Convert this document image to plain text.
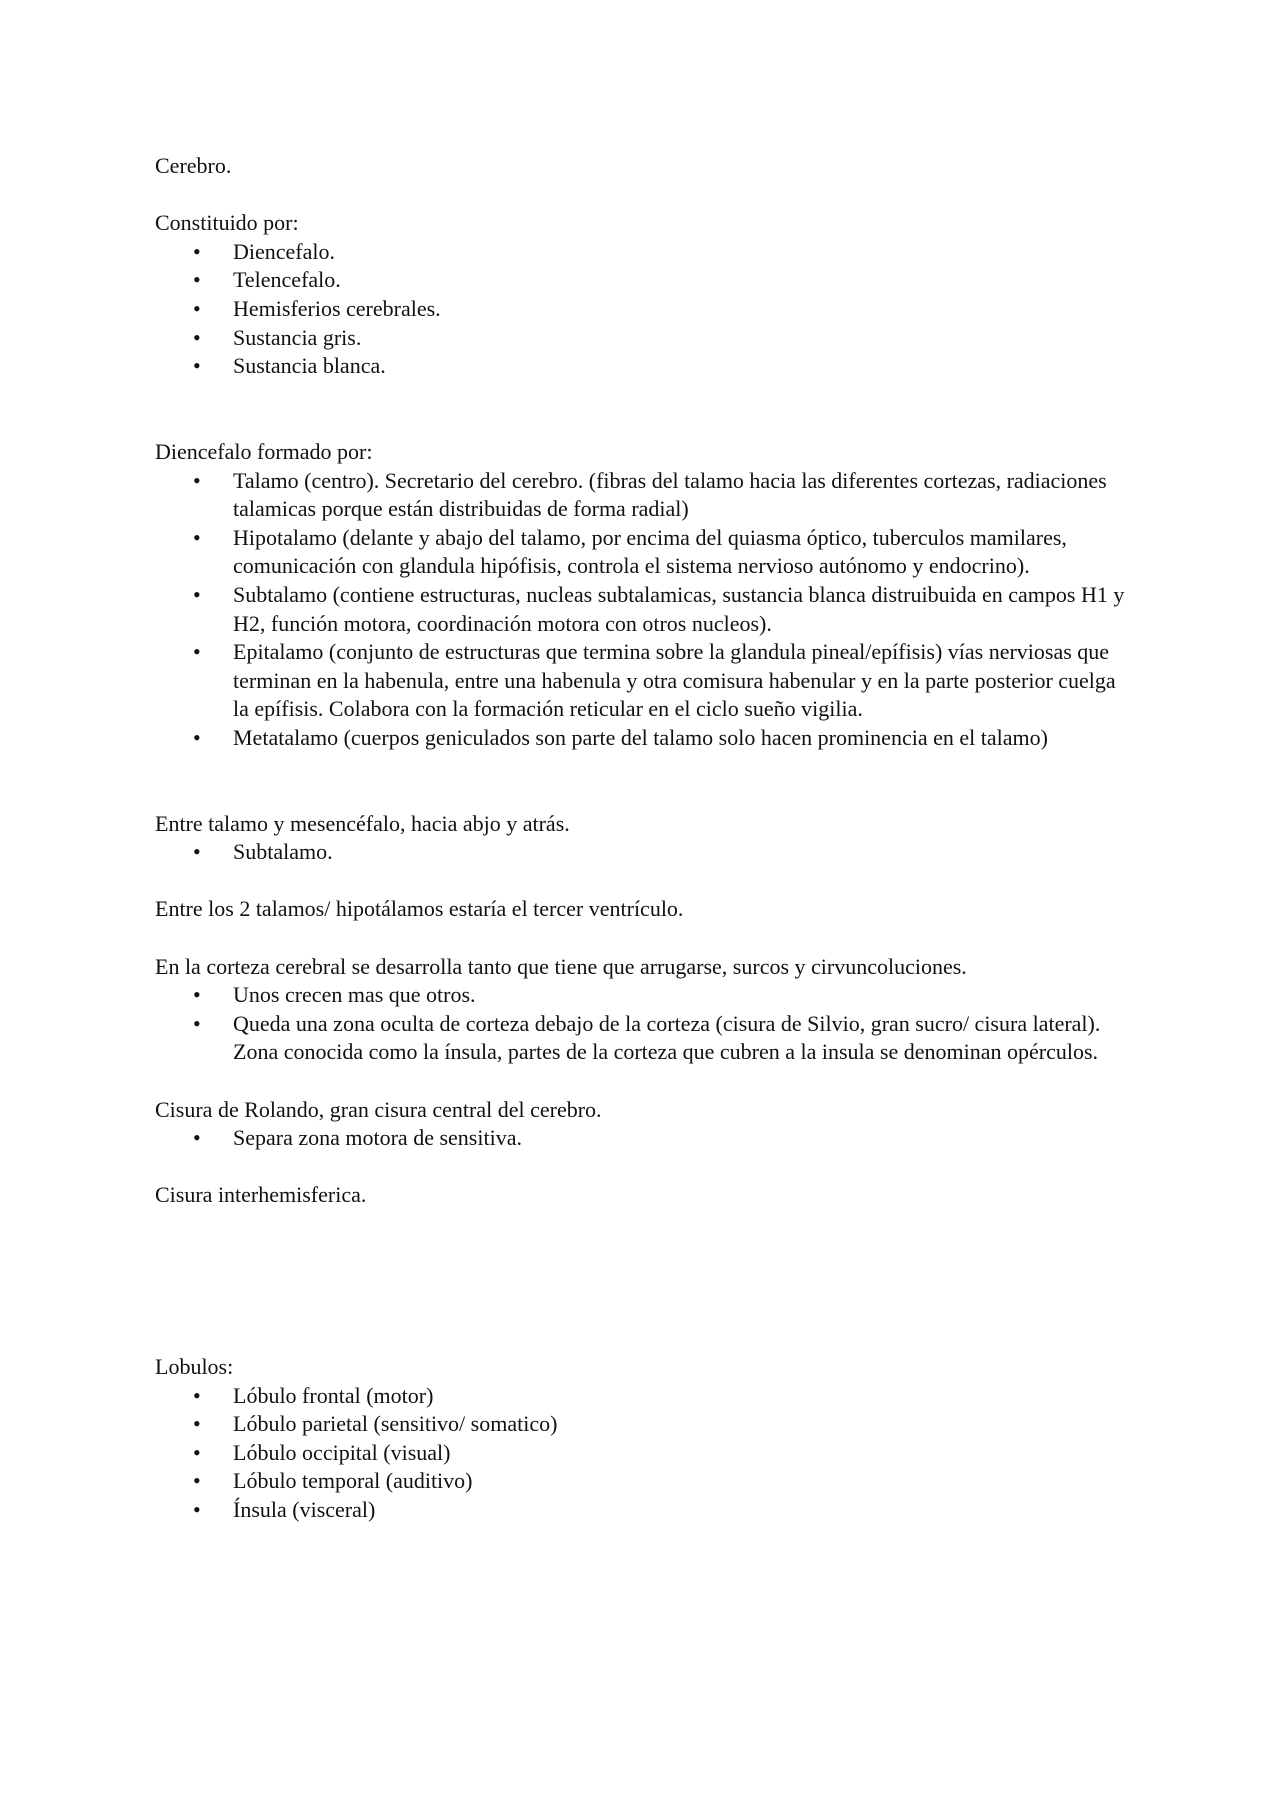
Cerebro.

Constituido por:

• Diencefalo.
• Telencefalo.
• Hemisferios cerebrales.
• Sustancia gris.
• Sustancia blanca.

Diencefalo formado por:

• Talamo (centro). Secretario del cerebro. (fibras del talamo hacia las diferentes cortezas, radiaciones talamicas porque están distribuidas de forma radial)
• Hipotalamo (delante y abajo del talamo, por encima del quiasma óptico, tuberculos mamilares, comunicación con glandula hipófisis, controla el sistema nervioso autónomo y endocrino).
• Subtalamo (contiene estructuras, nucleas subtalamicas, sustancia blanca distruibuida en campos H1 y H2, función motora, coordinación motora con otros nucleos).
• Epitalamo (conjunto de estructuras que termina sobre la glandula pineal/epífisis) vías nerviosas que terminan en la habenula, entre una habenula y otra comisura habenular y en la parte posterior cuelga la epífisis. Colabora con la formación reticular en el ciclo sueño vigilia.
• Metatalamo (cuerpos geniculados son parte del talamo solo hacen prominencia en el talamo)

Entre talamo y mesencéfalo, hacia abjo y atrás.

• Subtalamo.

Entre los 2 talamos/ hipotálamos estaría el tercer ventrículo.

En la corteza cerebral se desarrolla tanto que tiene que arrugarse, surcos y cirvuncoluciones.

• Unos crecen mas que otros.
• Queda una zona oculta de corteza debajo de la corteza (cisura de Silvio, gran sucro/ cisura lateral). Zona conocida como la ínsula, partes de la corteza que cubren a la insula se denominan opérculos.

Cisura de Rolando, gran cisura central del cerebro.

• Separa zona motora de sensitiva.

Cisura interhemisferica.

Lobulos:

• Lóbulo frontal (motor)
• Lóbulo parietal (sensitivo/ somatico)
• Lóbulo occipital (visual)
• Lóbulo temporal (auditivo)
• Ínsula (visceral)
